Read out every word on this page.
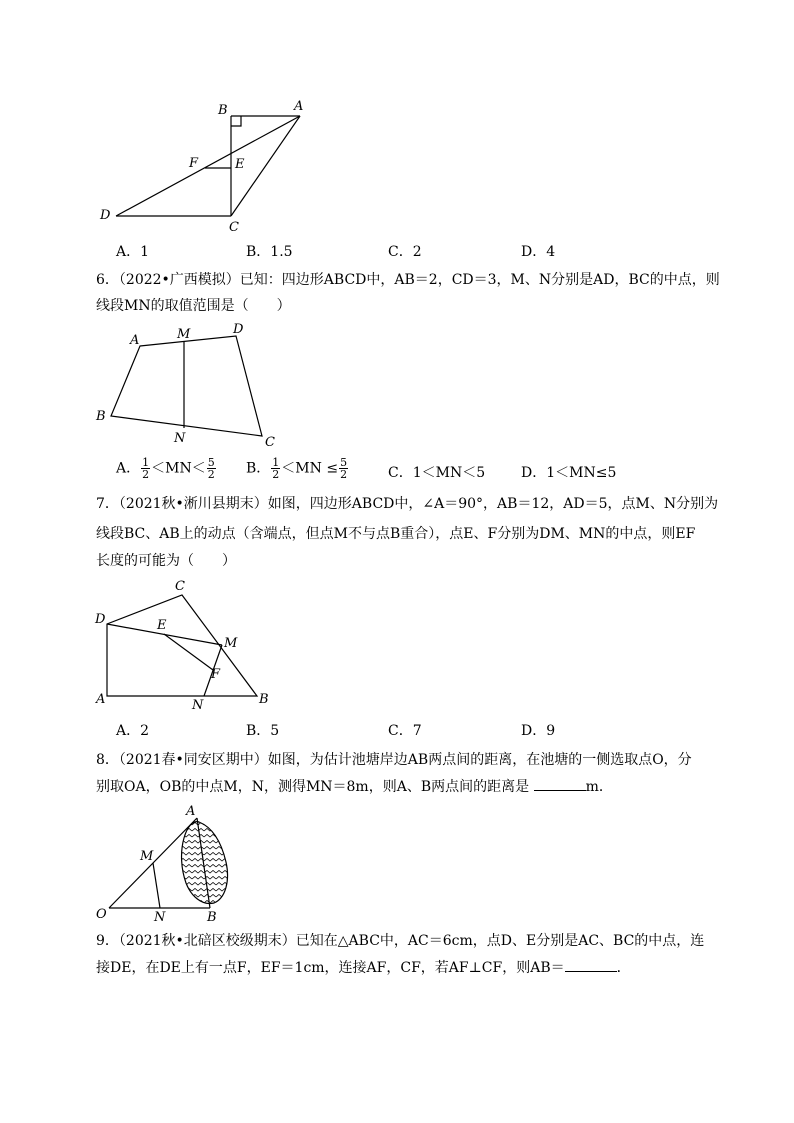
B	A
F	E
D
C
A．1	B．1.5	C．2	D．4
6．（2022•广西模拟）已知：四边形ABCD中，AB＝2，CD＝3，M、N分别是AD，BC的中点，则
线段MN的取值范围是（　　）
A	M	D
B
N	C
A． $\frac{1}{2} <MN< \frac{5}{2}$ B． $\frac{1}{2} <MN \le \frac{5}{2}$	C．1＜MN＜5	D．1＜MN≤5
7．（2021秋•淅川县期末）如图，四边形ABCD中，∠A＝90°，AB＝12，AD＝5，点M、N分别为
线段BC、AB上的动点（含端点，但点M不与点B重合），点E、F分别为DM、MN的中点，则EF
长度的可能为（　　）
C
D	E
M
F
A	N	B
A．2	B．5	C．7	D．9
8．（2021春•同安区期中）如图，为估计池塘岸边AB两点间的距离，在池塘的一侧选取点O，分
别取OA，OB的中点M，N，测得MN＝8m，则A、B两点间的距离是	m．
A
M
O	N	B
9．（2021秋•北碚区校级期末）已知在△ABC中，AC＝6cm，点D、E分别是AC、BC的中点，连
接DE，在DE上有一点F，EF＝1cm，连接AF，CF，若AF⊥CF，则AB＝	．
